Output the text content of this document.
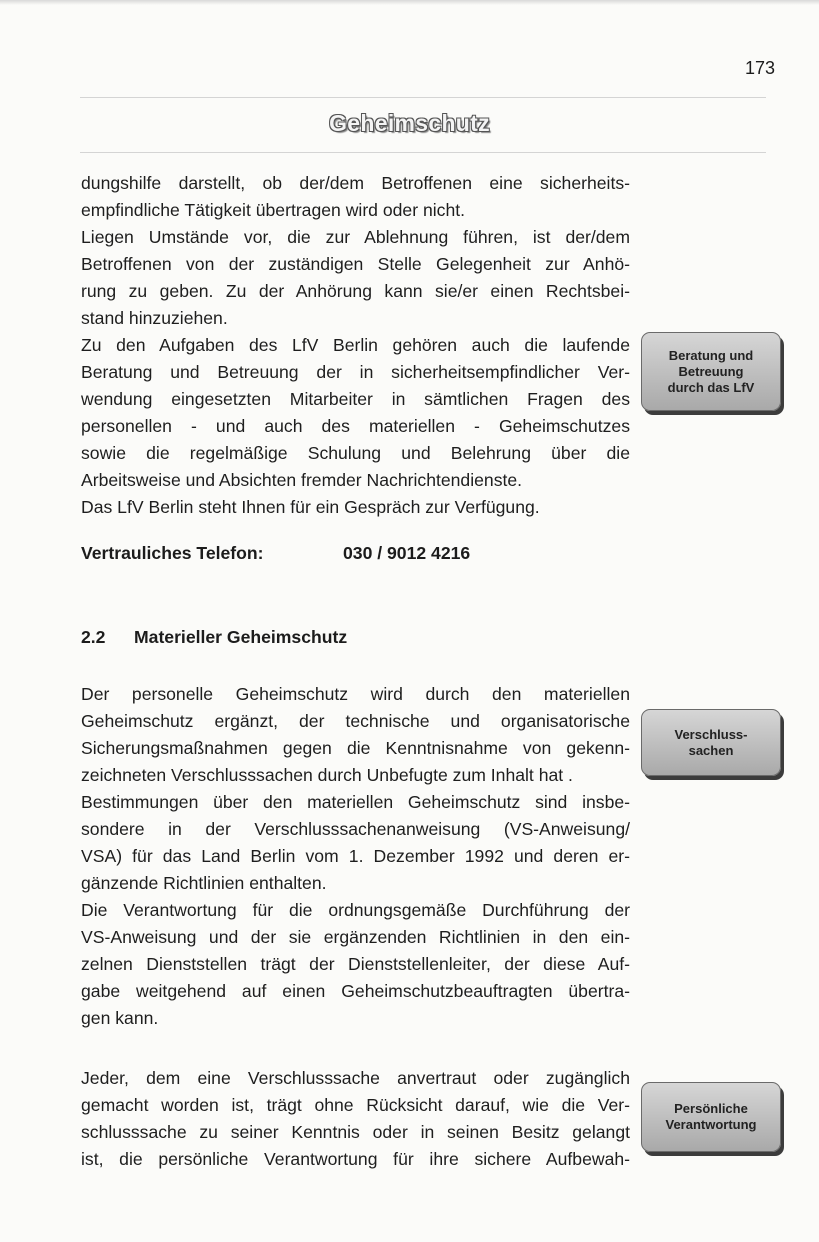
173
Geheimschutz

dungshilfe darstellt, ob der/dem Betroffenen eine sicherheits-
empfindliche Tätigkeit übertragen wird oder nicht.

Liegen Umstände vor, die zur Ablehnung führen, ist der/dem
Betroffenen von der zuständigen Stelle Gelegenheit zur Anhö-
rung zu geben. Zu der Anhörung kann sie/er einen Rechtsbei-
stand hinzuziehen.

Zu den Aufgaben des LfV Berlin gehören auch die laufende
Beratung und Betreuung der in sicherheitsempfindlicher Ver-
wendung eingesetzten Mitarbeiter in sämtlichen Fragen des
personellen - und auch des materiellen - Geheimschutzes
sowie die regelmäßige Schulung und Belehrung über die
Arbeitsweise und Absichten fremder Nachrichtendienste.

Das LfV Berlin steht Ihnen für ein Gespräch zur Verfügung.

Vertrauliches Telefon:	030 / 9012 4216
2.2 Materieller Geheimschutz

Der personelle Geheimschutz wird durch den materiellen
Geheimschutz ergänzt, der technische und organisatorische
Sicherungsmaßnahmen gegen die Kenntnisnahme von gekenn-
zeichneten Verschlusssachen durch Unbefugte zum Inhalt hat .

Bestimmungen über den materiellen Geheimschutz sind insbe-
sondere in der Verschlusssachenanweisung (VS-Anweisung/
VSA) für das Land Berlin vom 1. Dezember 1992 und deren er-
gänzende Richtlinien enthalten.

Die Verantwortung für die ordnungsgemäße Durchführung der
VS-Anweisung und der sie ergänzenden Richtlinien in den ein-
zelnen Dienststellen trägt der Dienststellenleiter, der diese Auf-
gabe weitgehend auf einen Geheimschutzbeauftragten übertra-
gen kann.

Jeder, dem eine Verschlusssache anvertraut oder zugänglich
gemacht worden ist, trägt ohne Rücksicht darauf, wie die Ver-
schlusssache zu seiner Kenntnis oder in seinen Besitz gelangt
ist, die persönliche Verantwortung für ihre sichere Aufbewah-

Beratung und
Betreuung
durch das LfV
Verschluss-
sachen
Persönliche
Verantwortung
